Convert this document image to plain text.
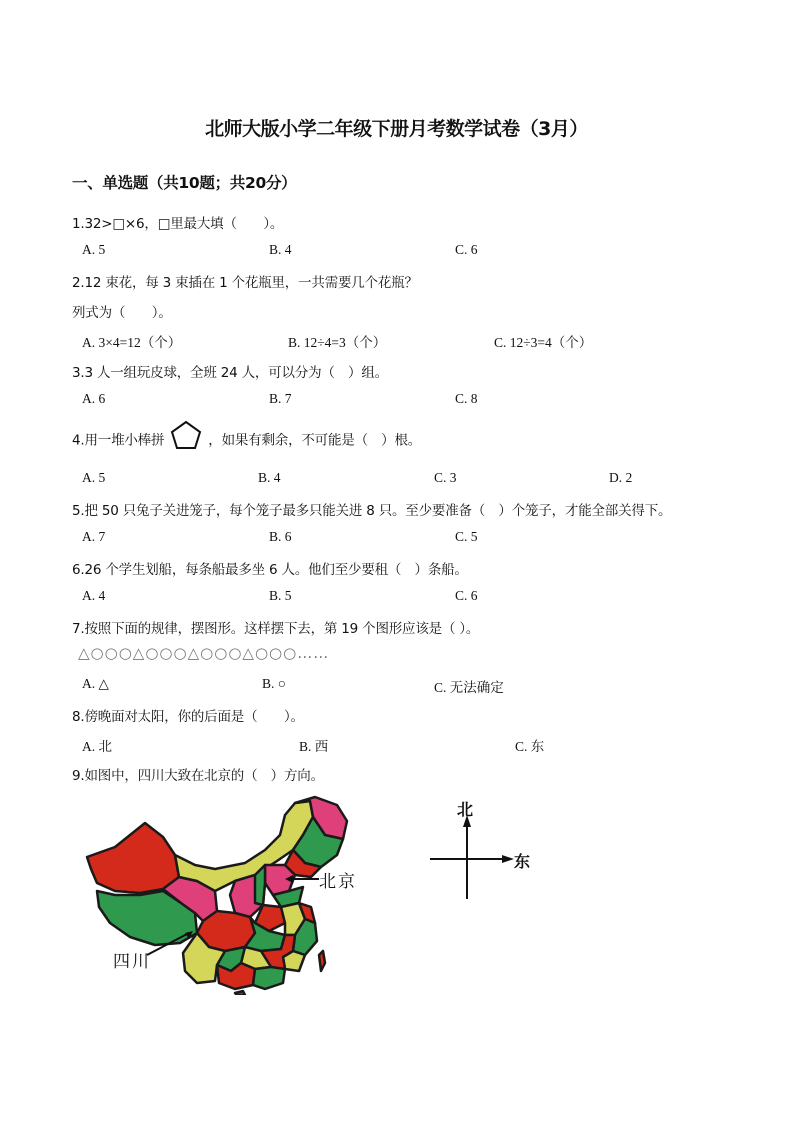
北师大版小学二年级下册月考数学试卷（3月）
一、单选题（共10题；共20分）
1.32>□×6，□里最大填（　　）。
A. 5	B. 4	C. 6
2.12 束花，每 3 束插在 1 个花瓶里，一共需要几个花瓶？
列式为（　　）。
A. 3×4=12（个）	B. 12÷4=3（个）	C. 12÷3=4（个）
3.3 人一组玩皮球，全班 24 人，可以分为（　）组。
A. 6	B. 7	C. 8
4.用一堆小棒拼	，如果有剩余，不可能是（　）根。
A. 5	B. 4	C. 3	D. 2
5.把 50 只兔子关进笼子，每个笼子最多只能关进 8 只。至少要准备（　）个笼子，才能全部关得下。
A. 7	B. 6	C. 5
6.26 个学生划船，每条船最多坐 6 人。他们至少要租（　）条船。
A. 4	B. 5	C. 6
7.按照下面的规律，摆图形。这样摆下去，第 19 个图形应该是（ ）。
△○○○△○○○△○○○△○○○……
A. △	B. ○	C. 无法确定
8.傍晚面对太阳，你的后面是（　　）。
A. 北	B. 西	C. 东
9.如图中，四川大致在北京的（　）方向。
北京
四川
北
东
